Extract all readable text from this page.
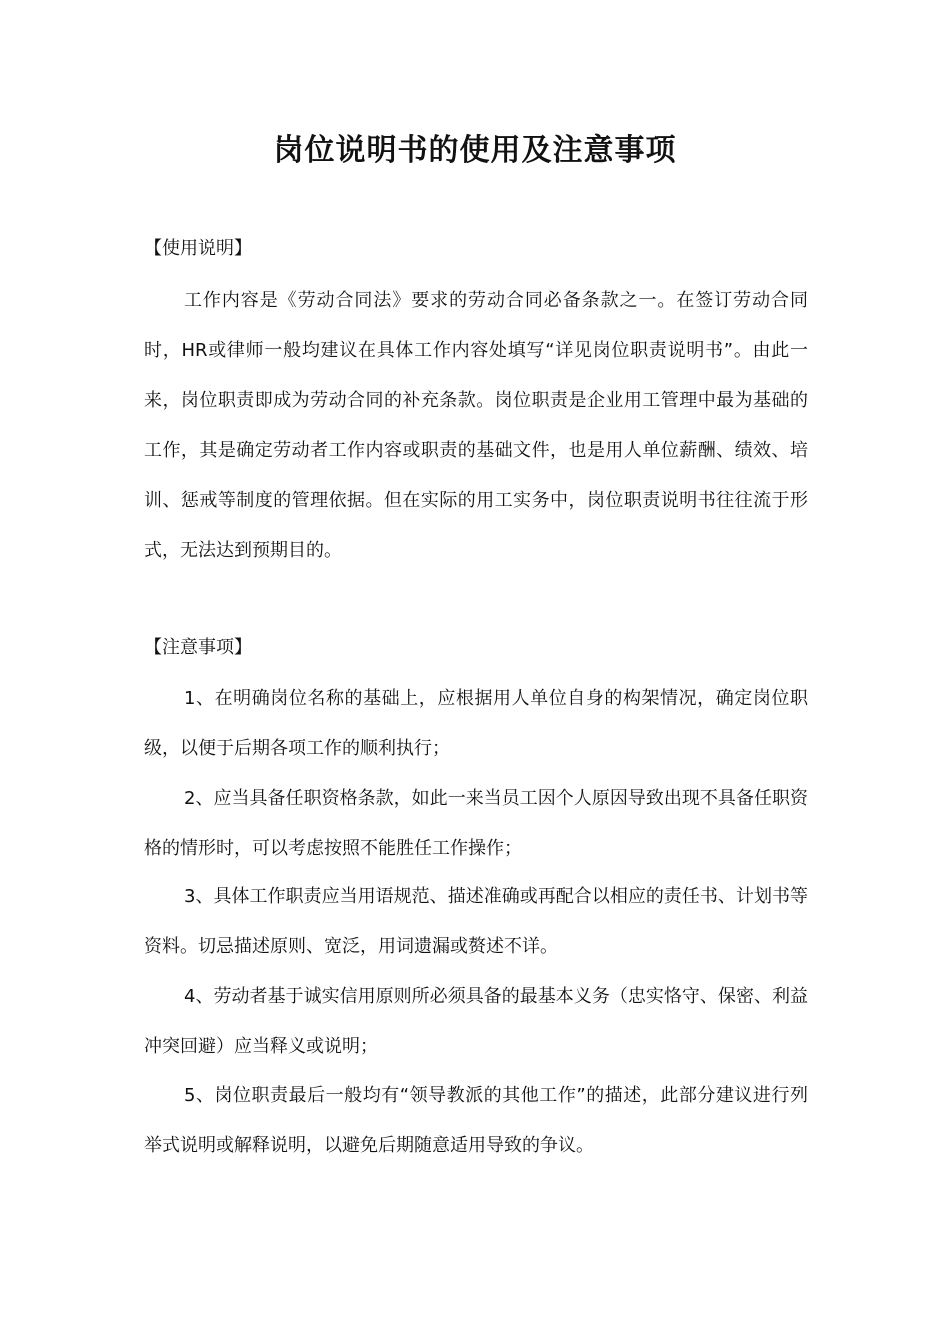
岗位说明书的使用及注意事项

【使用说明】

工作内容是《劳动合同法》要求的劳动合同必备条款之一。在签订劳动合同时，HR或律师一般均建议在具体工作内容处填写“详见岗位职责说明书”。由此一来，岗位职责即成为劳动合同的补充条款。岗位职责是企业用工管理中最为基础的工作，其是确定劳动者工作内容或职责的基础文件，也是用人单位薪酬、绩效、培训、惩戒等制度的管理依据。但在实际的用工实务中，岗位职责说明书往往流于形式，无法达到预期目的。

【注意事项】

1、在明确岗位名称的基础上，应根据用人单位自身的构架情况，确定岗位职级，以便于后期各项工作的顺利执行；

2、应当具备任职资格条款，如此一来当员工因个人原因导致出现不具备任职资格的情形时，可以考虑按照不能胜任工作操作；

3、具体工作职责应当用语规范、描述准确或再配合以相应的责任书、计划书等资料。切忌描述原则、宽泛，用词遗漏或赘述不详。

4、劳动者基于诚实信用原则所必须具备的最基本义务（忠实恪守、保密、利益冲突回避）应当释义或说明；

5、岗位职责最后一般均有“领导教派的其他工作”的描述，此部分建议进行列举式说明或解释说明，以避免后期随意适用导致的争议。
